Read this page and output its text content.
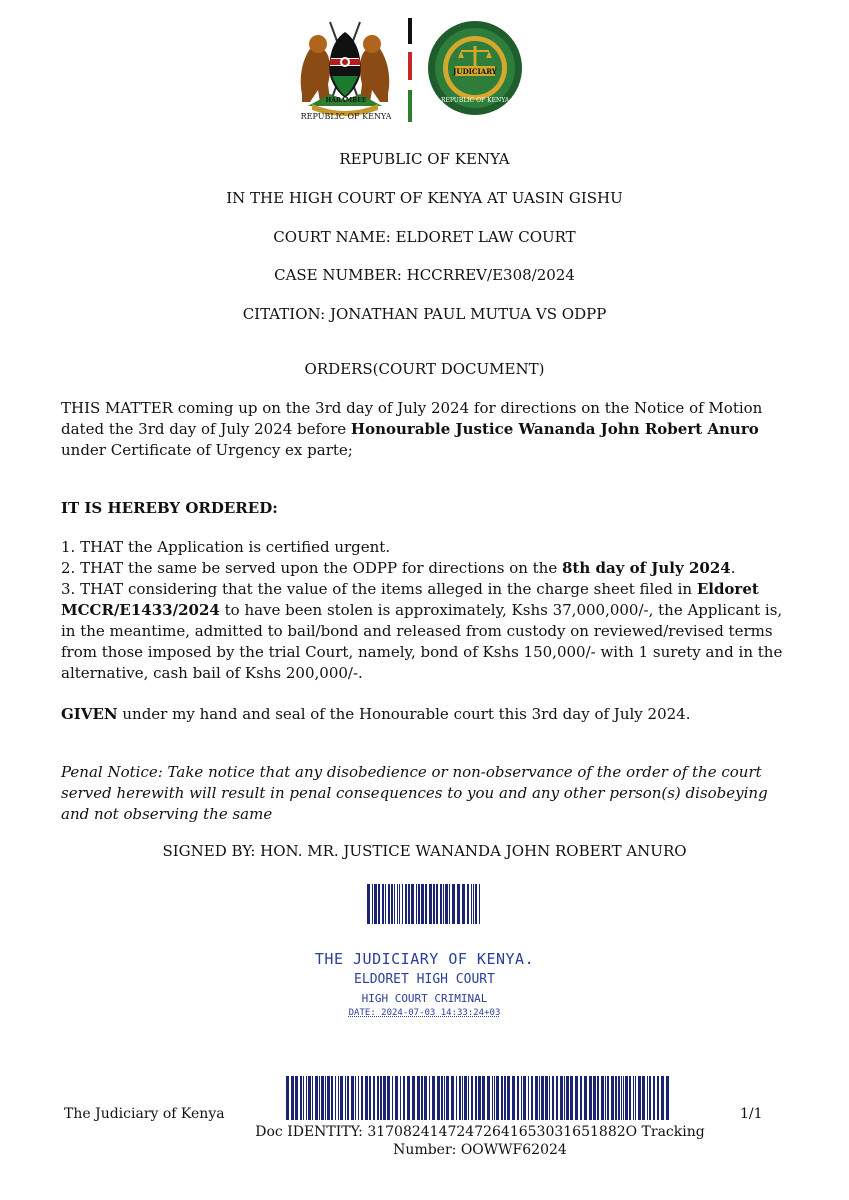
HARAMBEE
REPUBLIC OF KENYA
JUDICIARY
REPUBLIC OF KENYA
REPUBLIC OF KENYA
IN THE HIGH COURT OF KENYA AT UASIN GISHU
COURT NAME: ELDORET LAW COURT
CASE NUMBER: HCCRREV/E308/2024
CITATION: JONATHAN PAUL MUTUA VS ODPP
ORDERS(COURT DOCUMENT)

THIS MATTER coming up on the 3rd day of July 2024 for directions on the Notice of Motion dated the 3rd day of July 2024 before Honourable Justice Wananda John Robert Anuro under Certificate of Urgency ex parte;

IT IS HEREBY ORDERED:

1. THAT the Application is certified urgent.

2. THAT the same be served upon the ODPP for directions on the 8th day of July 2024.

3. THAT considering that the value of the items alleged in the charge sheet filed in Eldoret MCCR/E1433/2024 to have been stolen is approximately, Kshs 37,000,000/-, the Applicant is, in the meantime, admitted to bail/bond and released from custody on reviewed/revised terms from those imposed by the trial Court, namely, bond of Kshs 150,000/- with 1 surety and in the alternative, cash bail of Kshs 200,000/-.

GIVEN under my hand and seal of the Honourable court this 3rd day of July 2024.

Penal Notice: Take notice that any disobedience or non-observance of the order of the court served herewith will result in penal consequences to you and any other person(s) disobeying and not observing the same
SIGNED BY: HON. MR. JUSTICE WANANDA JOHN ROBERT ANURO
THE JUDICIARY OF KENYA.
ELDORET HIGH COURT
HIGH COURT CRIMINAL
DATE: 2024-07-03 14:33:24+03
The Judiciary of Kenya	1/1
Doc IDENTITY: 31708241472472641653031651882O Tracking
Number: OOWWF62024
